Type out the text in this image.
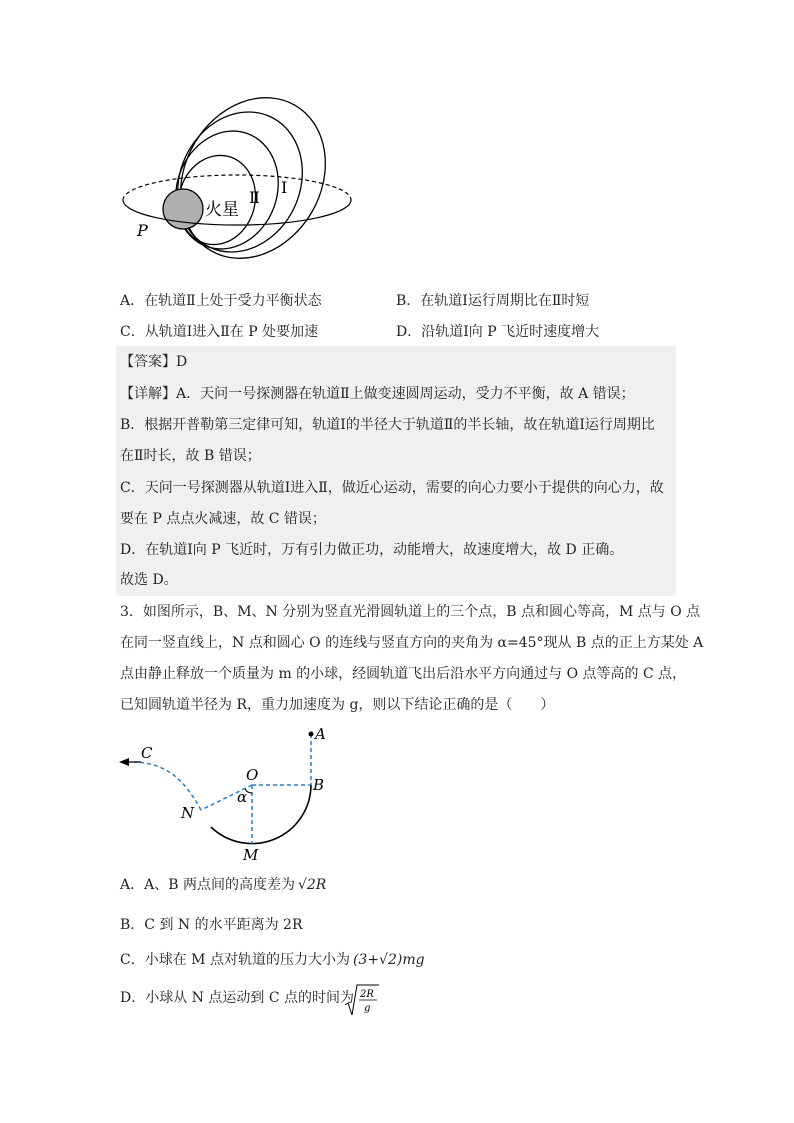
火星
Ⅱ
Ⅰ
P
A．在轨道Ⅱ上处于受力平衡状态	B．在轨道Ⅰ运行周期比在Ⅱ时短
C．从轨道Ⅰ进入Ⅱ在 P 处要加速	D．沿轨道Ⅰ向 P 飞近时速度增大
【答案】D
【详解】A．天问一号探测器在轨道Ⅱ上做变速圆周运动，受力不平衡，故 A 错误；
B．根据开普勒第三定律可知，轨道Ⅰ的半径大于轨道Ⅱ的半长轴，故在轨道Ⅰ运行周期比
在Ⅱ时长，故 B 错误；
C．天问一号探测器从轨道Ⅰ进入Ⅱ，做近心运动，需要的向心力要小于提供的向心力，故
要在 P 点点火减速，故 C 错误；
D．在轨道Ⅰ向 P 飞近时，万有引力做正功，动能增大，故速度增大，故 D 正确。
故选 D。
3．如图所示，B、M、N 分别为竖直光滑圆轨道上的三个点，B 点和圆心等高，M 点与 O 点
在同一竖直线上，N 点和圆心 O 的连线与竖直方向的夹角为 α=45°现从 B 点的正上方某处 A
点由静止释放一个质量为 m 的小球，经圆轨道飞出后沿水平方向通过与 O 点等高的 C 点，
已知圆轨道半径为 R，重力加速度为 g，则以下结论正确的是（　　）
A
B
C
O
N
M
α
A．A、B 两点间的高度差为 √2R
B．C 到 N 的水平距离为 2R
C．小球在 M 点对轨道的压力大小为 (3+√2)mg
D．小球从 N 点运动到 C 点的时间为 2R
g
